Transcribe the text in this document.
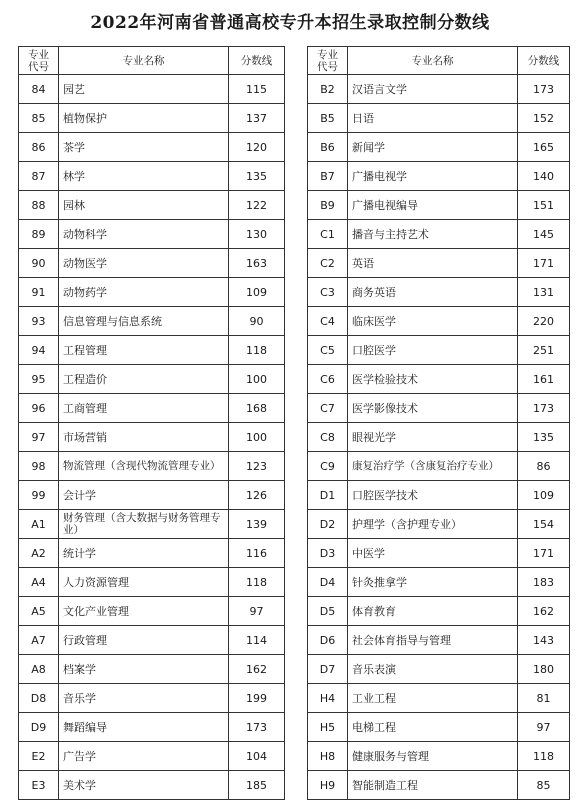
2022年河南省普通高校专升本招生录取控制分数线
专业
代号	专业名称	分数线
84	园艺	115
85	植物保护	137
86	茶学	120
87	林学	135
88	园林	122
89	动物科学	130
90	动物医学	163
91	动物药学	109
93	信息管理与信息系统	90
94	工程管理	118
95	工程造价	100
96	工商管理	168
97	市场营销	100
98	物流管理（含现代物流管理专业）	123
99	会计学	126
A1	财务管理（含大数据与财务管理专业）	139
A2	统计学	116
A4	人力资源管理	118
A5	文化产业管理	97
A7	行政管理	114
A8	档案学	162
D8	音乐学	199
D9	舞蹈编导	173
E2	广告学	104
E3	美术学	185
专业
代号	专业名称	分数线
B2	汉语言文学	173
B5	日语	152
B6	新闻学	165
B7	广播电视学	140
B9	广播电视编导	151
C1	播音与主持艺术	145
C2	英语	171
C3	商务英语	131
C4	临床医学	220
C5	口腔医学	251
C6	医学检验技术	161
C7	医学影像技术	173
C8	眼视光学	135
C9	康复治疗学（含康复治疗专业）	86
D1	口腔医学技术	109
D2	护理学（含护理专业）	154
D3	中医学	171
D4	针灸推拿学	183
D5	体育教育	162
D6	社会体育指导与管理	143
D7	音乐表演	180
H4	工业工程	81
H5	电梯工程	97
H8	健康服务与管理	118
H9	智能制造工程	85
